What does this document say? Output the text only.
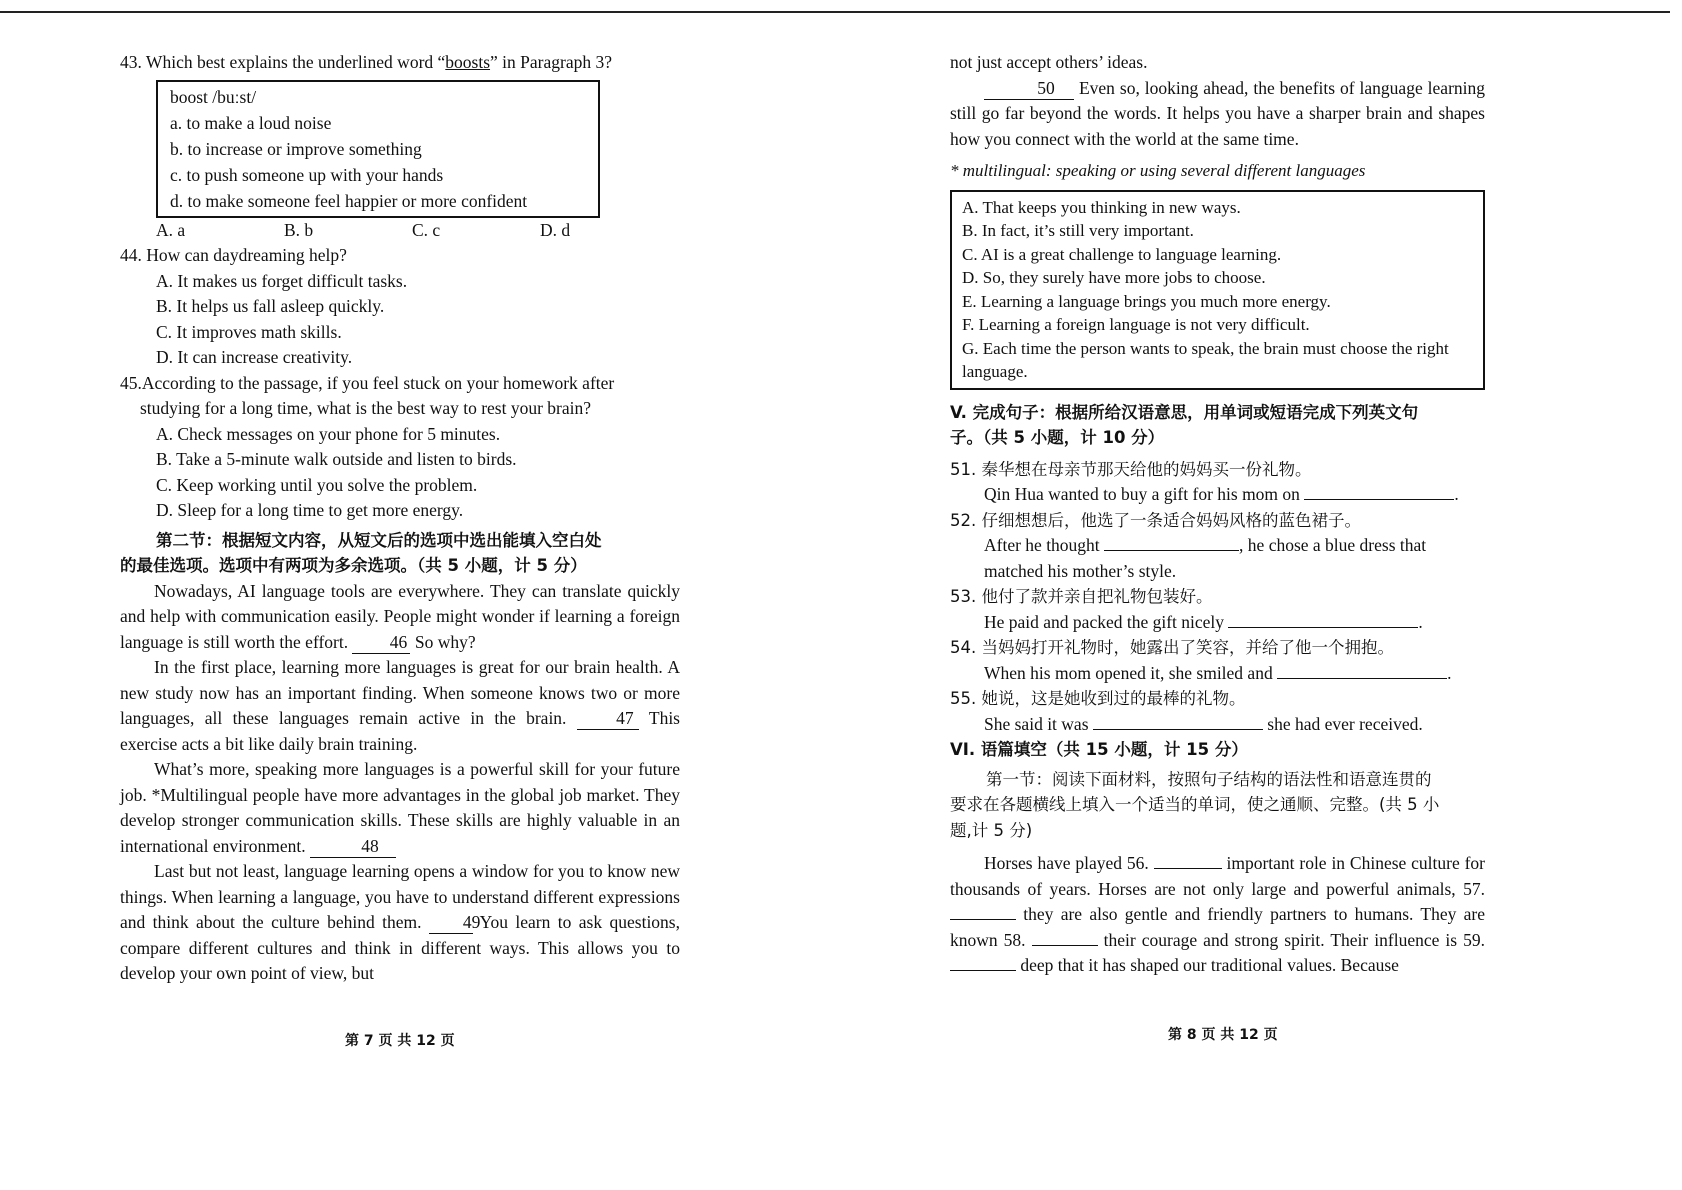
43. Which best explains the underlined word “boosts” in Paragraph 3?

boost /buːst/
a. to make a loud noise
b. to increase or improve something
c. to push someone up with your hands
d. to make someone feel happier or more confident
A. a	B. b	C. c	D. d

44. How can daydreaming help?

A. It makes us forget difficult tasks.

B. It helps us fall asleep quickly.

C. It improves math skills.

D. It can increase creativity.

45.According to the passage, if you feel stuck on your homework after

studying for a long time, what is the best way to rest your brain?

A. Check messages on your phone for 5 minutes.

B. Take a 5-minute walk outside and listen to birds.

C. Keep working until you solve the problem.

D. Sleep for a long time to get more energy.

第二节：根据短文内容，从短文后的选项中选出能填入空白处

的最佳选项。选项中有两项为多余选项。（共 5 小题，计 5 分）

Nowadays, AI language tools are everywhere. They can translate quickly and help with communication easily. People might wonder if learning a foreign language is still worth the effort. 46 So why?

In the first place, learning more languages is great for our brain health. A new study now has an important finding. When someone knows two or more languages, all these languages remain active in the brain.	47 This exercise acts a bit like daily brain training.

What’s more, speaking more languages is a powerful skill for your future job. *Multilingual people have more advantages in the global job market. They develop stronger communication skills. These skills are highly valuable in an international environment.	48

Last but not least, language learning opens a window for you to know new things. When learning a language, you have to understand different expressions and think about the culture behind them. 49 You learn to ask questions, compare different cultures and think in different ways. This allows you to develop your own point of view, but

第 7 页 共 12 页

not just accept others’ ideas.

50 Even so, looking ahead, the benefits of language learning still go far beyond the words. It helps you have a sharper brain and shapes how you connect with the world at the same time.

* multilingual: speaking or using several different languages

A. That keeps you thinking in new ways.
B. In fact, it’s still very important.
C. AI is a great challenge to language learning.
D. So, they surely have more jobs to choose.
E. Learning a language brings you much more energy.
F. Learning a foreign language is not very difficult.
G. Each time the person wants to speak, the brain must choose the right language.

V. 完成句子：根据所给汉语意思，用单词或短语完成下列英文句

子。（共 5 小题，计 10 分）

51. 秦华想在母亲节那天给他的妈妈买一份礼物。
Qin Hua wanted to buy a gift for his mom on	.
52. 仔细想想后，他选了一条适合妈妈风格的蓝色裙子。
After he thought	, he chose a blue dress that
matched his mother’s style.
53. 他付了款并亲自把礼物包装好。
He paid and packed the gift nicely	.
54. 当妈妈打开礼物时，她露出了笑容，并给了他一个拥抱。
When his mom opened it, she smiled and	.
55. 她说，这是她收到过的最棒的礼物。
She said it was	she had ever received.

VI. 语篇填空（共 15 小题，计 15 分）

第一节：阅读下面材料，按照句子结构的语法性和语意连贯的

要求在各题横线上填入一个适当的单词，使之通顺、完整。(共 5 小

题,计 5 分)

Horses have played 56.	important role in Chinese culture for thousands of years. Horses are not only large and powerful animals, 57.  they are also gentle and friendly partners to humans. They are known 58.	their courage and strong spirit. Their influence is 59.  deep that it has shaped our traditional values. Because

第 8 页 共 12 页
